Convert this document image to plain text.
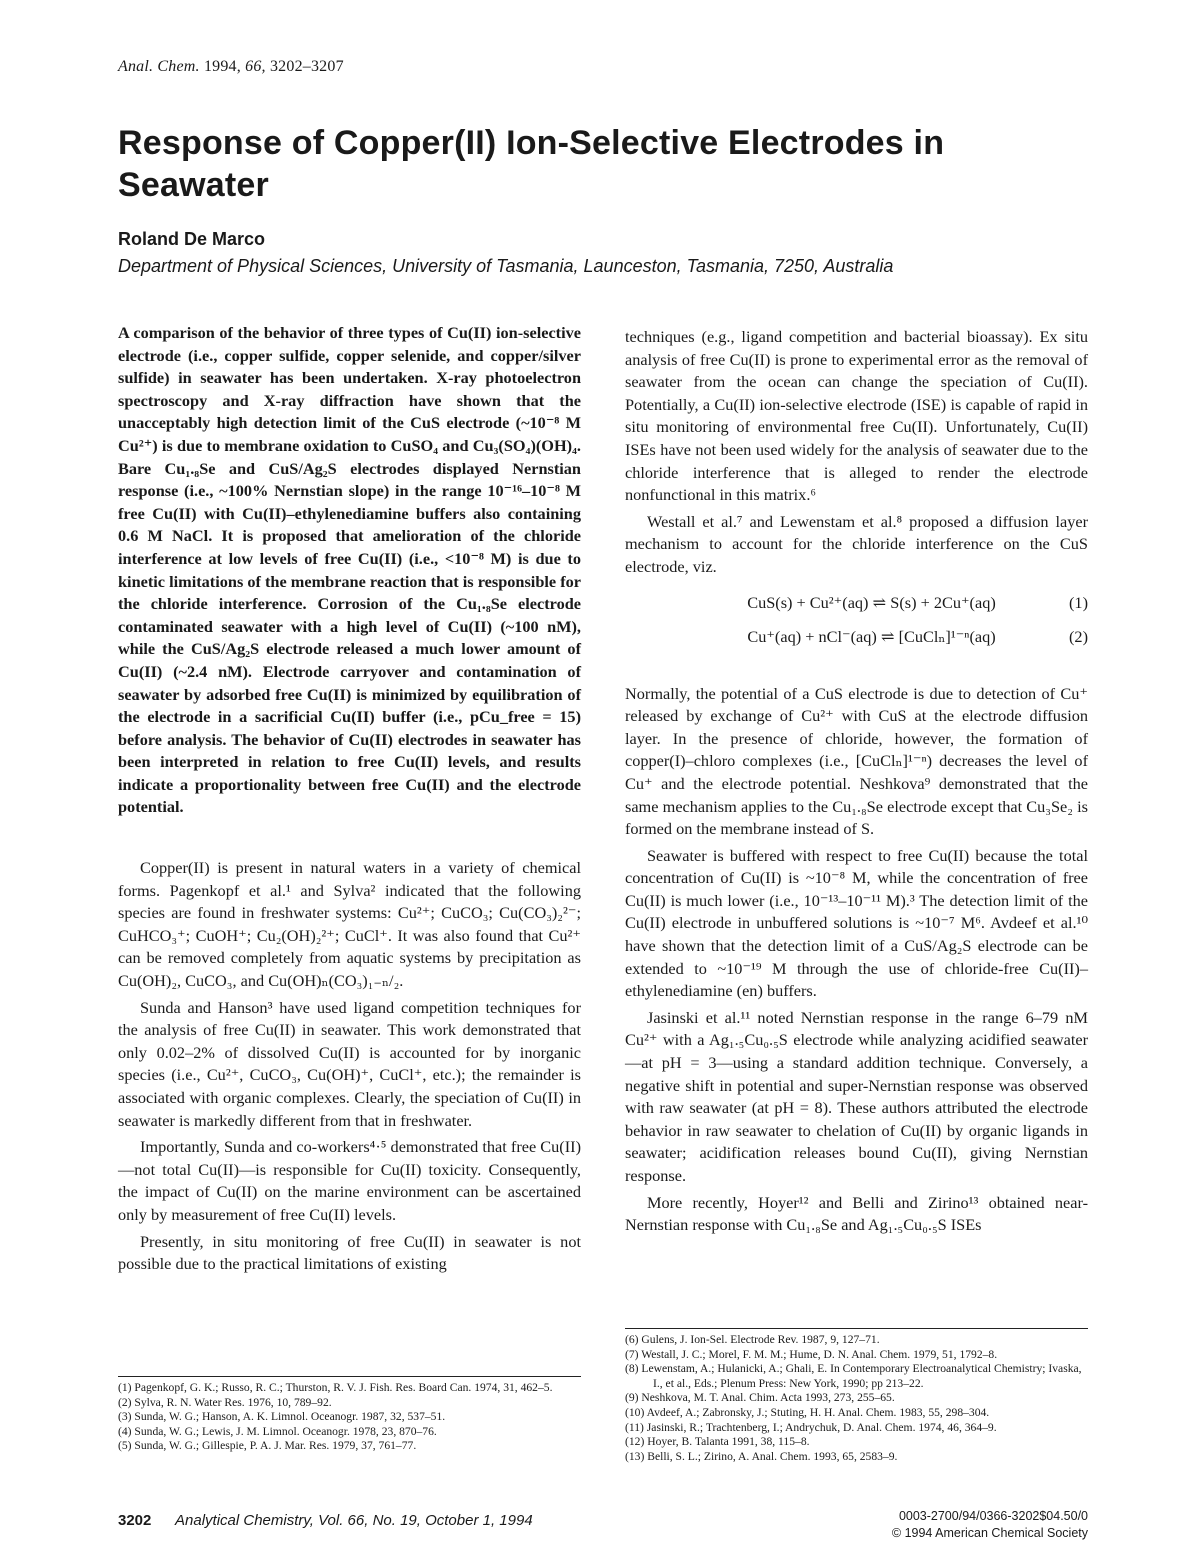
Anal. Chem. 1994, 66, 3202–3207
Response of Copper(II) Ion-Selective Electrodes in Seawater
Roland De Marco
Department of Physical Sciences, University of Tasmania, Launceston, Tasmania, 7250, Australia

A comparison of the behavior of three types of Cu(II) ion-selective electrode (i.e., copper sulfide, copper selenide, and copper/silver sulfide) in seawater has been undertaken. X-ray photoelectron spectroscopy and X-ray diffraction have shown that the unacceptably high detection limit of the CuS electrode (~10⁻⁸ M Cu²⁺) is due to membrane oxidation to CuSO₄ and Cu₃(SO₄)(OH)₄. Bare Cu₁.₈Se and CuS/Ag₂S electrodes displayed Nernstian response (i.e., ~100% Nernstian slope) in the range 10⁻¹⁶–10⁻⁸ M free Cu(II) with Cu(II)–ethylenediamine buffers also containing 0.6 M NaCl. It is proposed that amelioration of the chloride interference at low levels of free Cu(II) (i.e., <10⁻⁸ M) is due to kinetic limitations of the membrane reaction that is responsible for the chloride interference. Corrosion of the Cu₁.₈Se electrode contaminated seawater with a high level of Cu(II) (~100 nM), while the CuS/Ag₂S electrode released a much lower amount of Cu(II) (~2.4 nM). Electrode carryover and contamination of seawater by adsorbed free Cu(II) is minimized by equilibration of the electrode in a sacrificial Cu(II) buffer (i.e., pCu_free = 15) before analysis. The behavior of Cu(II) electrodes in seawater has been interpreted in relation to free Cu(II) levels, and results indicate a proportionality between free Cu(II) and the electrode potential.

Copper(II) is present in natural waters in a variety of chemical forms. Pagenkopf et al.¹ and Sylva² indicated that the following species are found in freshwater systems: Cu²⁺; CuCO₃; Cu(CO₃)₂²⁻; CuHCO₃⁺; CuOH⁺; Cu₂(OH)₂²⁺; CuCl⁺. It was also found that Cu²⁺ can be removed completely from aquatic systems by precipitation as Cu(OH)₂, CuCO₃, and Cu(OH)ₙ(CO₃)₁₋ₙ/₂.

Sunda and Hanson³ have used ligand competition techniques for the analysis of free Cu(II) in seawater. This work demonstrated that only 0.02–2% of dissolved Cu(II) is accounted for by inorganic species (i.e., Cu²⁺, CuCO₃, Cu(OH)⁺, CuCl⁺, etc.); the remainder is associated with organic complexes. Clearly, the speciation of Cu(II) in seawater is markedly different from that in freshwater.

Importantly, Sunda and co-workers⁴·⁵ demonstrated that free Cu(II)—not total Cu(II)—is responsible for Cu(II) toxicity. Consequently, the impact of Cu(II) on the marine environment can be ascertained only by measurement of free Cu(II) levels.

Presently, in situ monitoring of free Cu(II) in seawater is not possible due to the practical limitations of existing

techniques (e.g., ligand competition and bacterial bioassay). Ex situ analysis of free Cu(II) is prone to experimental error as the removal of seawater from the ocean can change the speciation of Cu(II). Potentially, a Cu(II) ion-selective electrode (ISE) is capable of rapid in situ monitoring of environmental free Cu(II). Unfortunately, Cu(II) ISEs have not been used widely for the analysis of seawater due to the chloride interference that is alleged to render the electrode nonfunctional in this matrix.⁶

Westall et al.⁷ and Lewenstam et al.⁸ proposed a diffusion layer mechanism to account for the chloride interference on the CuS electrode, viz.

CuS(s) + Cu²⁺(aq) ⇌ S(s) + 2Cu⁺(aq)	(1)
Cu⁺(aq) + nCl⁻(aq) ⇌ [CuClₙ]¹⁻ⁿ(aq)	(2)

Normally, the potential of a CuS electrode is due to detection of Cu⁺ released by exchange of Cu²⁺ with CuS at the electrode diffusion layer. In the presence of chloride, however, the formation of copper(I)–chloro complexes (i.e., [CuClₙ]¹⁻ⁿ) decreases the level of Cu⁺ and the electrode potential. Neshkova⁹ demonstrated that the same mechanism applies to the Cu₁.₈Se electrode except that Cu₃Se₂ is formed on the membrane instead of S.

Seawater is buffered with respect to free Cu(II) because the total concentration of Cu(II) is ~10⁻⁸ M, while the concentration of free Cu(II) is much lower (i.e., 10⁻¹³–10⁻¹¹ M).³ The detection limit of the Cu(II) electrode in unbuffered solutions is ~10⁻⁷ M⁶. Avdeef et al.¹⁰ have shown that the detection limit of a CuS/Ag₂S electrode can be extended to ~10⁻¹⁹ M through the use of chloride-free Cu(II)–ethylenediamine (en) buffers.

Jasinski et al.¹¹ noted Nernstian response in the range 6–79 nM Cu²⁺ with a Ag₁.₅Cu₀.₅S electrode while analyzing acidified seawater—at pH = 3—using a standard addition technique. Conversely, a negative shift in potential and super-Nernstian response was observed with raw seawater (at pH = 8). These authors attributed the electrode behavior in raw seawater to chelation of Cu(II) by organic ligands in seawater; acidification releases bound Cu(II), giving Nernstian response.

More recently, Hoyer¹² and Belli and Zirino¹³ obtained near-Nernstian response with Cu₁.₈Se and Ag₁.₅Cu₀.₅S ISEs

(1) Pagenkopf, G. K.; Russo, R. C.; Thurston, R. V. J. Fish. Res. Board Can. 1974, 31, 462–5.

(2) Sylva, R. N. Water Res. 1976, 10, 789–92.

(3) Sunda, W. G.; Hanson, A. K. Limnol. Oceanogr. 1987, 32, 537–51.

(4) Sunda, W. G.; Lewis, J. M. Limnol. Oceanogr. 1978, 23, 870–76.

(5) Sunda, W. G.; Gillespie, P. A. J. Mar. Res. 1979, 37, 761–77.

(6) Gulens, J. Ion-Sel. Electrode Rev. 1987, 9, 127–71.

(7) Westall, J. C.; Morel, F. M. M.; Hume, D. N. Anal. Chem. 1979, 51, 1792–8.

(8) Lewenstam, A.; Hulanicki, A.; Ghali, E. In Contemporary Electroanalytical Chemistry; Ivaska, I., et al., Eds.; Plenum Press: New York, 1990; pp 213–22.

(9) Neshkova, M. T. Anal. Chim. Acta 1993, 273, 255–65.

(10) Avdeef, A.; Zabronsky, J.; Stuting, H. H. Anal. Chem. 1983, 55, 298–304.

(11) Jasinski, R.; Trachtenberg, I.; Andrychuk, D. Anal. Chem. 1974, 46, 364–9.

(12) Hoyer, B. Talanta 1991, 38, 115–8.

(13) Belli, S. L.; Zirino, A. Anal. Chem. 1993, 65, 2583–9.

3202 Analytical Chemistry, Vol. 66, No. 19, October 1, 1994	0003-2700/94/0366-3202$04.50/0
© 1994 American Chemical Society
